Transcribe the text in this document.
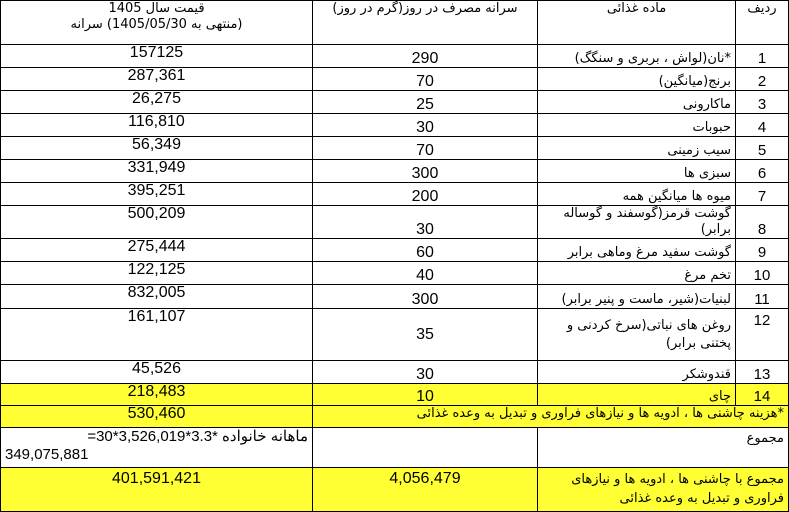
ردیف	ماده غذائی	سرانه مصرف در روز(گرم در روز)	قیمت سال 1405
(منتهی به 1405/05/30) سرانه

1	*نان(لواش ، بربری و سنگگ)	290	157125
2	برنج(میانگین)	70	287,361
3	ماکارونی	25	26,275
4	حبوبات	30	116,810
5	سیب زمینی	70	56,349
6	سبزی ها	300	331,949
7	میوه ها میانگین همه	200	395,251
8	گوشت قرمز(گوسفند و گوساله برابر)	30	500,209
9	گوشت سفید مرغ وماهی برابر	60	275,444
10	تخم مرغ	40	122,125
11	لبنیات(شیر، ماست و پنیر برابر)	300	832,005
12	روغن های نباتی(سرخ کردنی و پختنی برابر)	35	161,107
13	قندوشکر	30	45,526
14	چای	10	218,483
*هزینه چاشنی ها ، ادویه ها و نیازهای فراوری و تبدیل به وعده غذائی			530,460
مجموع			ماهانه خانواده *3.3*3,526,019*30=
349,075,881

مجموع با چاشنی ها ، ادویه ها و نیازهای فراوری و تبدیل به وعده غذائی		4,056,479	401,591,421
